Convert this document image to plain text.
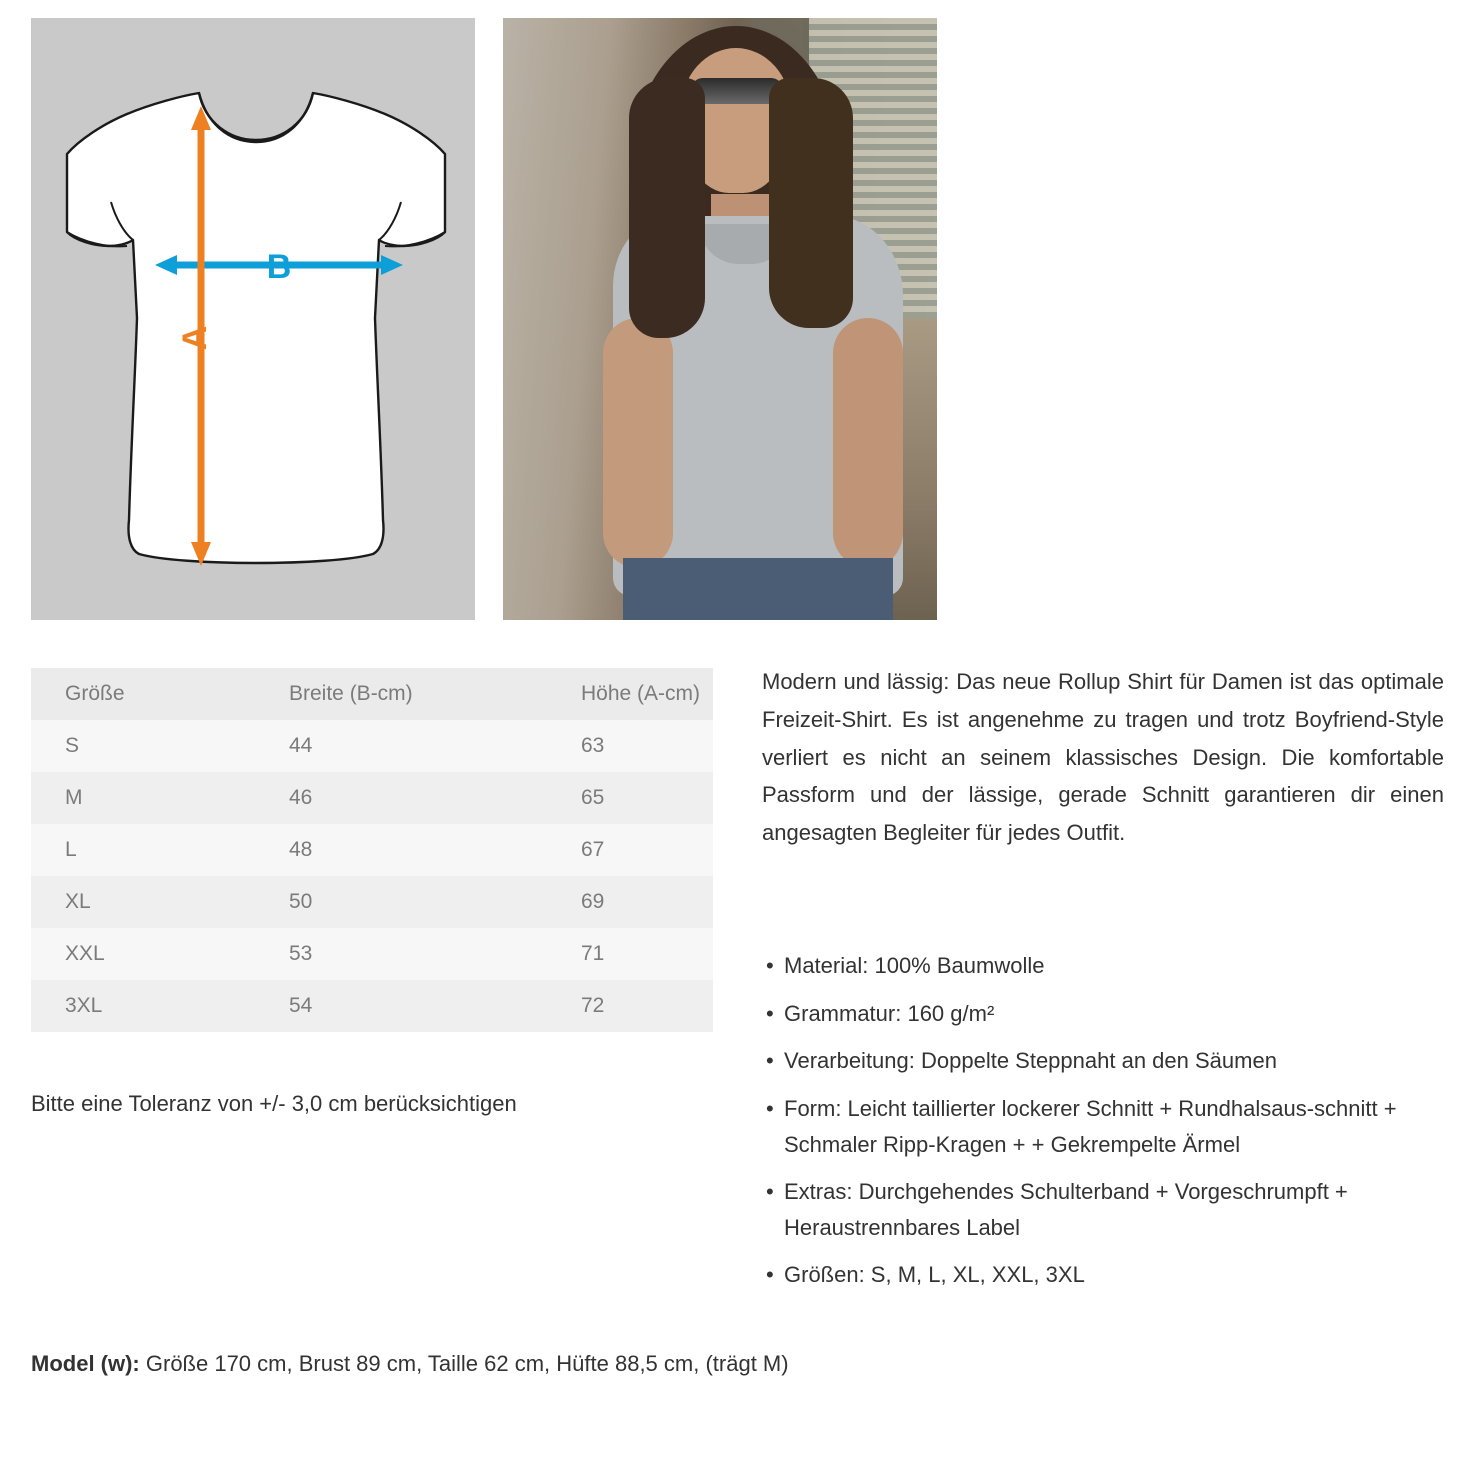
B
A
Größe	Breite (B-cm)	Höhe (A-cm)
S	44	63
M	46	65
L	48	67
XL	50	69
XXL	53	71
3XL	54	72
Bitte eine Toleranz von +/- 3,0 cm berücksichtigen
Modern und lässig: Das neue Rollup Shirt für Damen ist das optimale Freizeit-Shirt. Es ist angenehme zu tragen und trotz Boyfriend-Style verliert es nicht an seinem klassisches Design. Die komfortable Passform und der lässige, gerade Schnitt garantieren dir einen angesagten Begleiter für jedes Outfit.
• Material: 100% Baumwolle
• Grammatur: 160 g/m²
• Verarbeitung: Doppelte Steppnaht an den Säumen
• Form: Leicht taillierter lockerer Schnitt + Rundhalsaus-schnitt + Schmaler Ripp-Kragen + + Gekrempelte Ärmel
• Extras: Durchgehendes Schulterband + Vorgeschrumpft + Heraustrennbares Label
• Größen: S, M, L, XL, XXL, 3XL
Model (w): Größe 170 cm, Brust 89 cm, Taille 62 cm, Hüfte 88,5 cm, (trägt M)
